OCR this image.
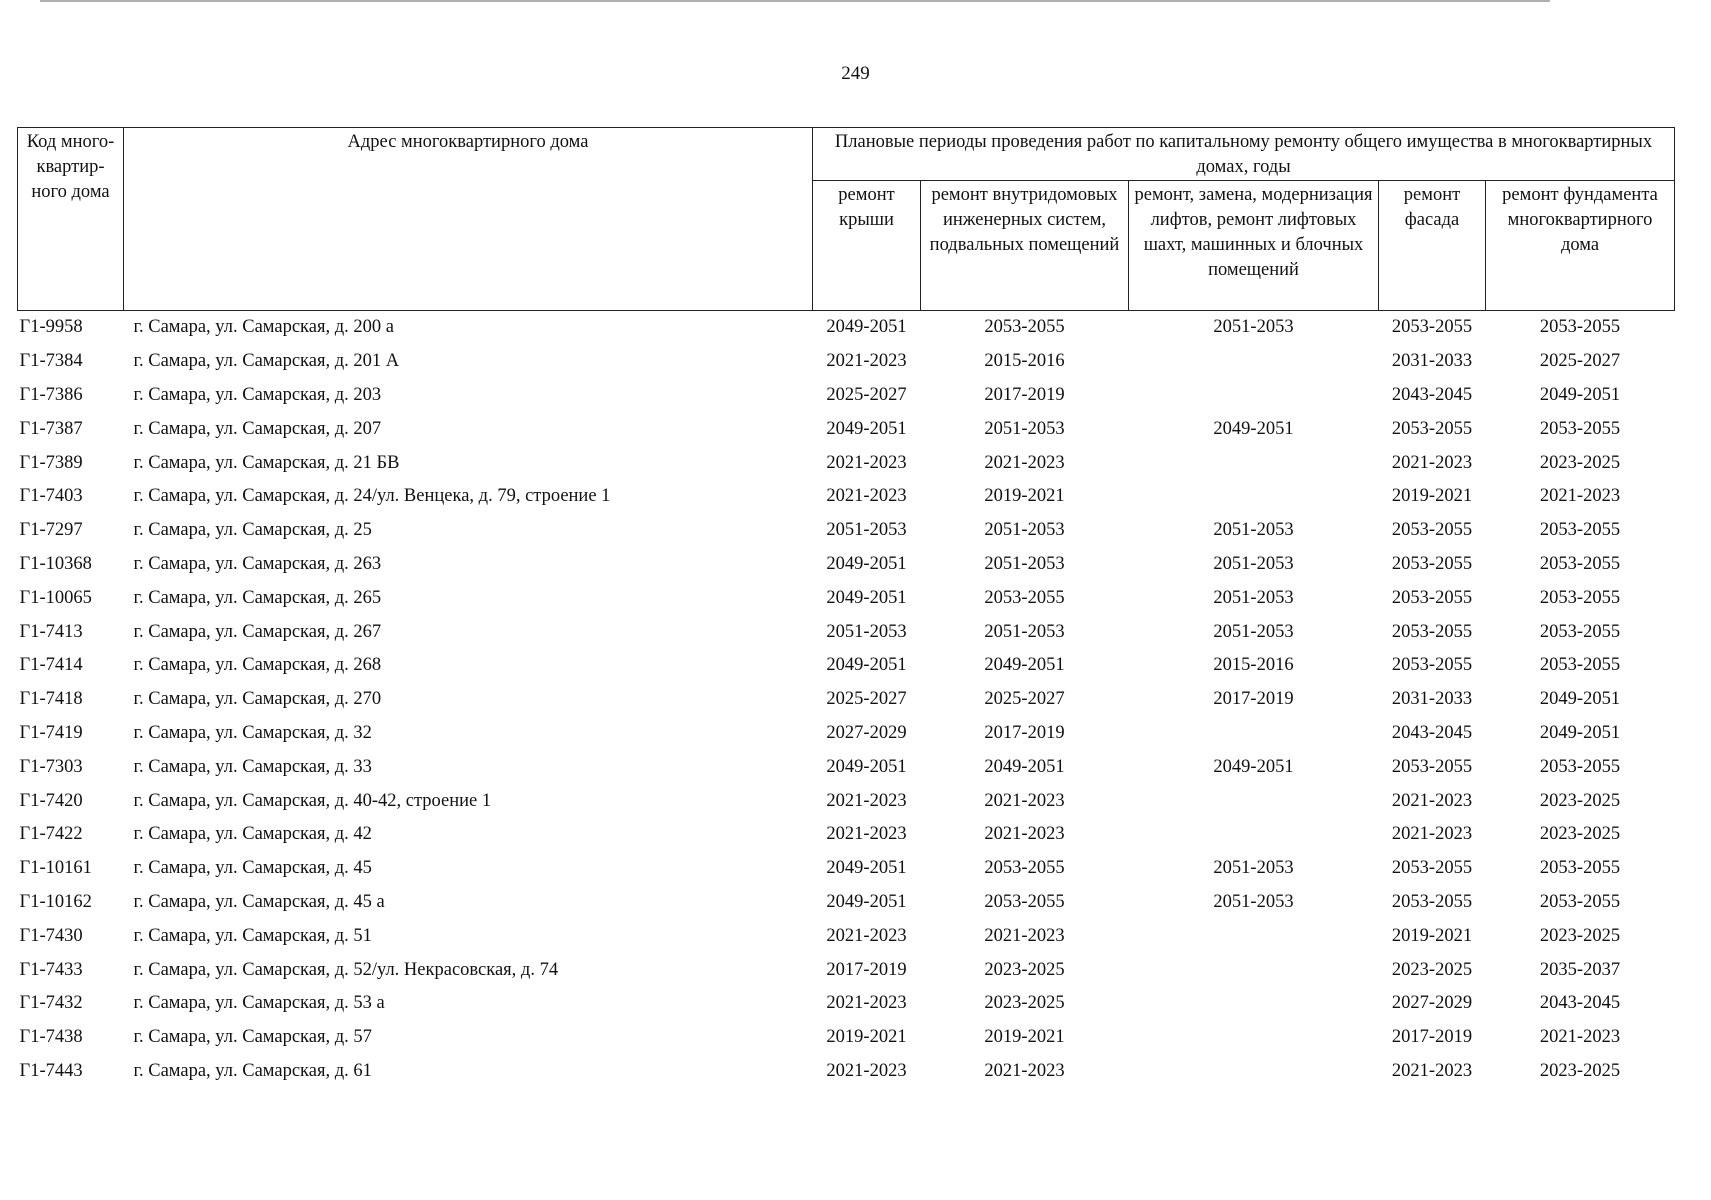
249
Код много-квартир-ного дома	Адрес многоквартирного дома	Плановые периоды проведения работ по капитальному ремонту общего имущества в многоквартирных домах, годы				
		ремонт крыши	ремонт внутридомовых инженерных систем, подвальных помещений	ремонт, замена, модернизация лифтов, ремонт лифтовых шахт, машинных и блочных помещений	ремонт фасада	ремонт фундамента многоквартирного дома
Г1-9958	г. Самара, ул. Самарская, д. 200 а	2049-2051	2053-2055	2051-2053	2053-2055	2053-2055
Г1-7384	г. Самара, ул. Самарская, д. 201 А	2021-2023	2015-2016		2031-2033	2025-2027
Г1-7386	г. Самара, ул. Самарская, д. 203	2025-2027	2017-2019		2043-2045	2049-2051
Г1-7387	г. Самара, ул. Самарская, д. 207	2049-2051	2051-2053	2049-2051	2053-2055	2053-2055
Г1-7389	г. Самара, ул. Самарская, д. 21 БВ	2021-2023	2021-2023		2021-2023	2023-2025
Г1-7403	г. Самара, ул. Самарская, д. 24/ул. Венцека, д. 79, строение 1	2021-2023	2019-2021		2019-2021	2021-2023
Г1-7297	г. Самара, ул. Самарская, д. 25	2051-2053	2051-2053	2051-2053	2053-2055	2053-2055
Г1-10368	г. Самара, ул. Самарская, д. 263	2049-2051	2051-2053	2051-2053	2053-2055	2053-2055
Г1-10065	г. Самара, ул. Самарская, д. 265	2049-2051	2053-2055	2051-2053	2053-2055	2053-2055
Г1-7413	г. Самара, ул. Самарская, д. 267	2051-2053	2051-2053	2051-2053	2053-2055	2053-2055
Г1-7414	г. Самара, ул. Самарская, д. 268	2049-2051	2049-2051	2015-2016	2053-2055	2053-2055
Г1-7418	г. Самара, ул. Самарская, д. 270	2025-2027	2025-2027	2017-2019	2031-2033	2049-2051
Г1-7419	г. Самара, ул. Самарская, д. 32	2027-2029	2017-2019		2043-2045	2049-2051
Г1-7303	г. Самара, ул. Самарская, д. 33	2049-2051	2049-2051	2049-2051	2053-2055	2053-2055
Г1-7420	г. Самара, ул. Самарская, д. 40-42, строение 1	2021-2023	2021-2023		2021-2023	2023-2025
Г1-7422	г. Самара, ул. Самарская, д. 42	2021-2023	2021-2023		2021-2023	2023-2025
Г1-10161	г. Самара, ул. Самарская, д. 45	2049-2051	2053-2055	2051-2053	2053-2055	2053-2055
Г1-10162	г. Самара, ул. Самарская, д. 45 а	2049-2051	2053-2055	2051-2053	2053-2055	2053-2055
Г1-7430	г. Самара, ул. Самарская, д. 51	2021-2023	2021-2023		2019-2021	2023-2025
Г1-7433	г. Самара, ул. Самарская, д. 52/ул. Некрасовская, д. 74	2017-2019	2023-2025		2023-2025	2035-2037
Г1-7432	г. Самара, ул. Самарская, д. 53 а	2021-2023	2023-2025		2027-2029	2043-2045
Г1-7438	г. Самара, ул. Самарская, д. 57	2019-2021	2019-2021		2017-2019	2021-2023
Г1-7443	г. Самара, ул. Самарская, д. 61	2021-2023	2021-2023		2021-2023	2023-2025
